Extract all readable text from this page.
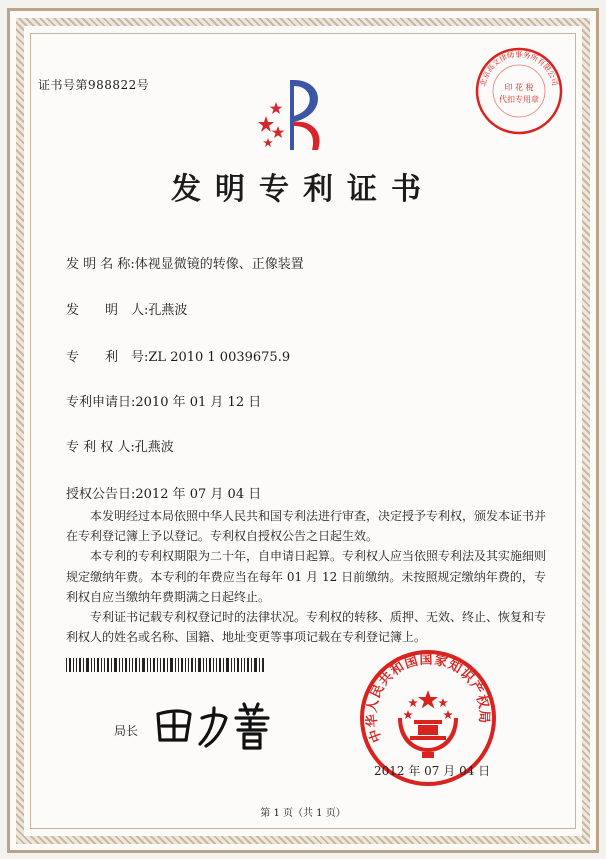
证书号第988822号	北京高文律师事务所有限公司
印 花 税
代扣专用章
发明专利证书
发 明 名 称:体视显微镜的转像、正像装置
发　　明　人:孔燕波
专　　利　号:ZL 2010 1 0039675.9
专利申请日:2010 年 01 月 12 日
专 利 权 人:孔燕波
授权公告日:2012 年 07 月 04 日

本发明经过本局依照中华人民共和国专利法进行审查，决定授予专利权，颁发本证书并在专利登记簿上予以登记。专利权自授权公告之日起生效。

本专利的专利权期限为二十年，自申请日起算。专利权人应当依照专利法及其实施细则规定缴纳年费。本专利的年费应当在每年 01 月 12 日前缴纳。未按照规定缴纳年费的，专利权自应当缴纳年费期满之日起终止。

专利证书记载专利权登记时的法律状况。专利权的转移、质押、无效、终止、恢复和专利权人的姓名或名称、国籍、地址变更等事项记载在专利登记簿上。

局长	中华人民共和国国家知识产权局
2012 年 07 月 04 日
第 1 页（共 1 页）
